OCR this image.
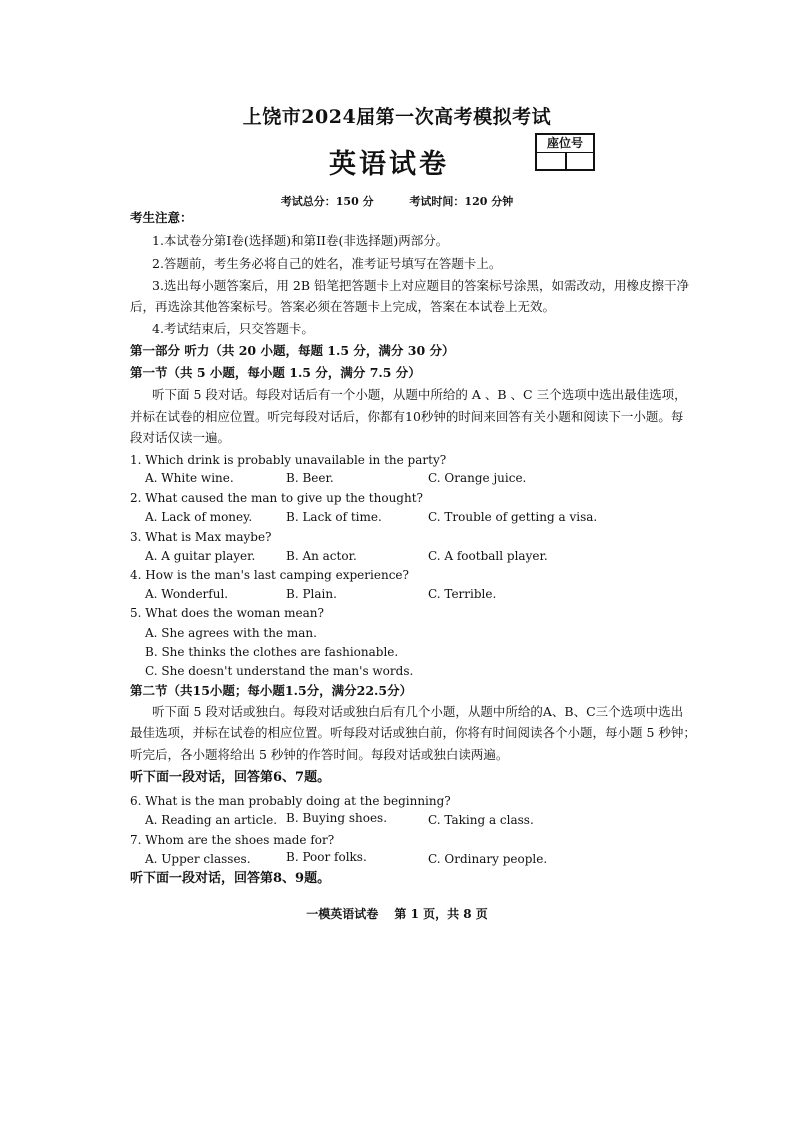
上饶市2024届第一次高考模拟考试
英语试卷
座位号
考试总分：150 分	考试时间：120 分钟
考生注意：
1.本试卷分第I卷(选择题)和第II卷(非选择题)两部分。
2.答题前，考生务必将自己的姓名，准考证号填写在答题卡上。
3.选出每小题答案后，用 2B 铅笔把答题卡上对应题目的答案标号涂黑，如需改动，用橡皮擦干净
后，再选涂其他答案标号。答案必须在答题卡上完成，答案在本试卷上无效。
4.考试结束后，只交答题卡。
第一部分 听力（共 20 小题，每题 1.5 分，满分 30 分）
第一节（共 5 小题，每小题 1.5 分，满分 7.5 分）
听下面 5 段对话。每段对话后有一个小题，从题中所给的 A 、B 、C 三个选项中选出最佳选项，
并标在试卷的相应位置。听完每段对话后，你都有10秒钟的时间来回答有关小题和阅读下一小题。每
段对话仅读一遍。
1. Which drink is probably unavailable in the party?
A. White wine.	B. Beer.	C. Orange juice.
2. What caused the man to give up the thought?
A. Lack of money.	B. Lack of time.	C. Trouble of getting a visa.
3. What is Max maybe?
A. A guitar player.	B. An actor.	C. A football player.
4. How is the man's last camping experience?
A. Wonderful.	B. Plain.	C. Terrible.
5. What does the woman mean?
A. She agrees with the man.
B. She thinks the clothes are fashionable.
C. She doesn't understand the man's words.
第二节（共15小题；每小题1.5分，满分22.5分）
听下面 5 段对话或独白。每段对话或独白后有几个小题，从题中所给的A、B、C三个选项中选出
最佳选项，并标在试卷的相应位置。听每段对话或独白前，你将有时间阅读各个小题，每小题 5 秒钟；
听完后，各小题将给出 5 秒钟的作答时间。每段对话或独白读两遍。
听下面一段对话，回答第6、7题。
6. What is the man probably doing at the beginning?
A. Reading an article. B. Buying shoes.	C. Taking a class.
7. Whom are the shoes made for?
A. Upper classes.	B. Poor folks.	C. Ordinary people.
听下面一段对话，回答第8、9题。
一模英语试卷 第 1 页，共 8 页
